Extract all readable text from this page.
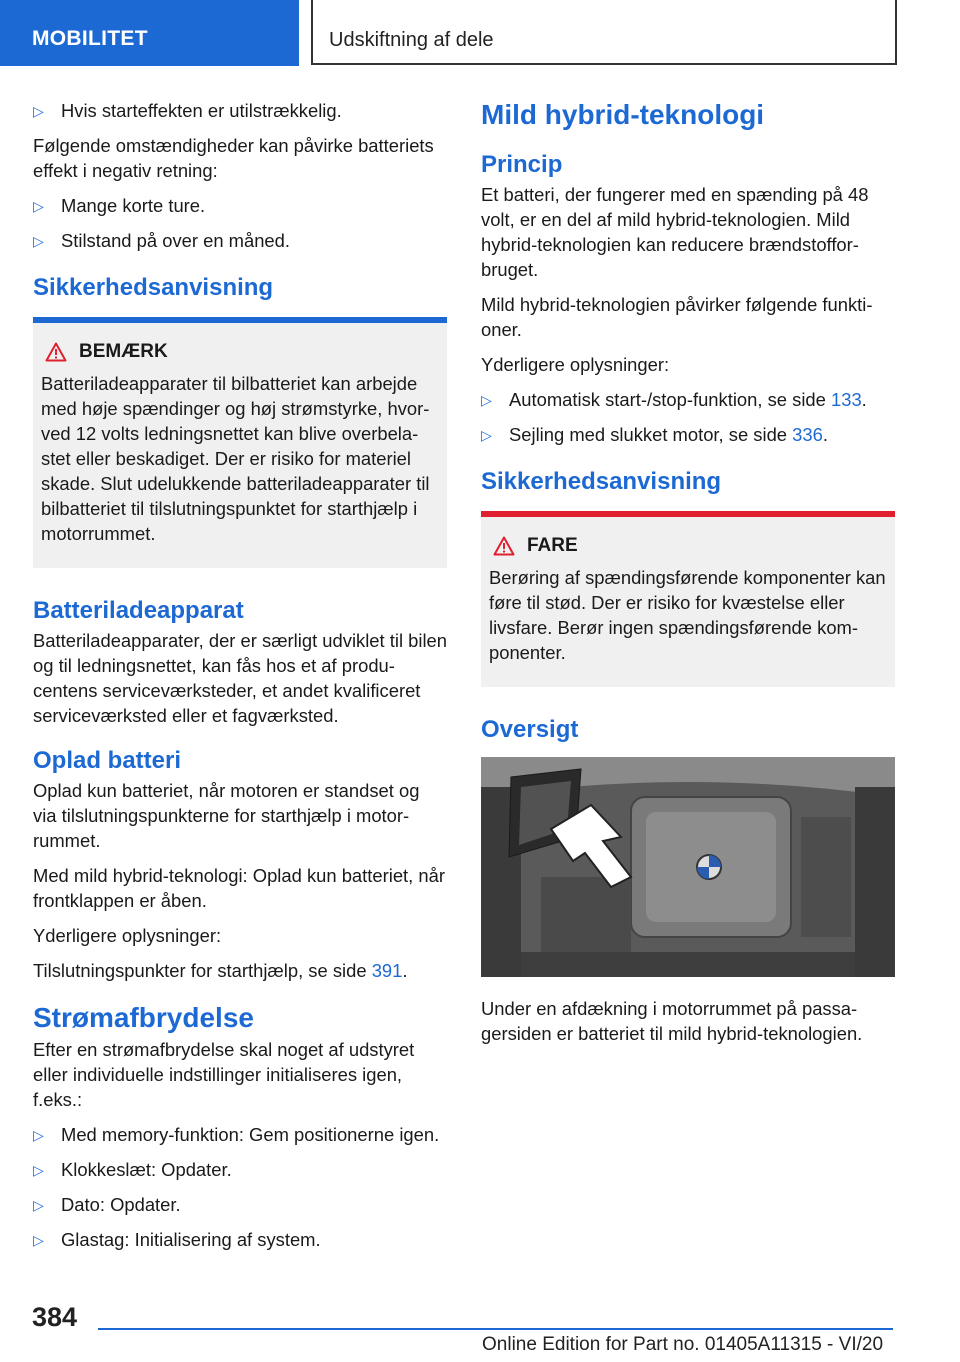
MOBILITET	Udskiftning af dele
▷ Hvis starteffekten er utilstrækkelig.

Følgende omstændigheder kan påvirke batteriets effekt i negativ retning:

▷ Mange korte ture.
▷ Stilstand på over en måned.
Sikkerhedsanvisning
BEMÆRK

Batteriladeapparater til bilbatteriet kan arbejde med høje spændinger og høj strømstyrke, hvorved 12 volts ledningsnettet kan blive overbelastet eller beskadiget. Der er risiko for materiel skade. Slut udelukkende batteriladeapparater til bilbatteriet til tilslutningspunktet for starthjælp i motorrummet.

Batteriladeapparat

Batteriladeapparater, der er særligt udviklet til bilen og til ledningsnettet, kan fås hos et af producentens serviceværksteder, et andet kvalificeret serviceværksted eller et fagværksted.

Oplad batteri

Oplad kun batteriet, når motoren er standset og via tilslutningspunkterne for starthjælp i motorrummet.

Med mild hybrid-teknologi: Oplad kun batteriet, når frontklappen er åben.

Yderligere oplysninger:

Tilslutningspunkter for starthjælp, se side 391.

Strømafbrydelse

Efter en strømafbrydelse skal noget af udstyret eller individuelle indstillinger initialiseres igen, f.eks.:

▷ Med memory-funktion: Gem positionerne igen.
▷ Klokkeslæt: Opdater.
▷ Dato: Opdater.
▷ Glastag: Initialisering af system.
Mild hybrid-teknologi
Princip

Et batteri, der fungerer med en spænding på 48 volt, er en del af mild hybrid-teknologien. Mild hybrid-teknologien kan reducere brændstofforbruget.

Mild hybrid-teknologien påvirker følgende funktioner.

Yderligere oplysninger:

▷ Automatisk start-/stop-funktion, se side 133.
▷ Sejling med slukket motor, se side 336.
Sikkerhedsanvisning
FARE

Berøring af spændingsførende komponenter kan føre til stød. Der er risiko for kvæstelse eller livsfare. Berør ingen spændingsførende komponenter.

Oversigt

Under en afdækning i motorrummet på passagersiden er batteriet til mild hybrid-teknologien.

384
Online Edition for Part no. 01405A11315 - VI/20
